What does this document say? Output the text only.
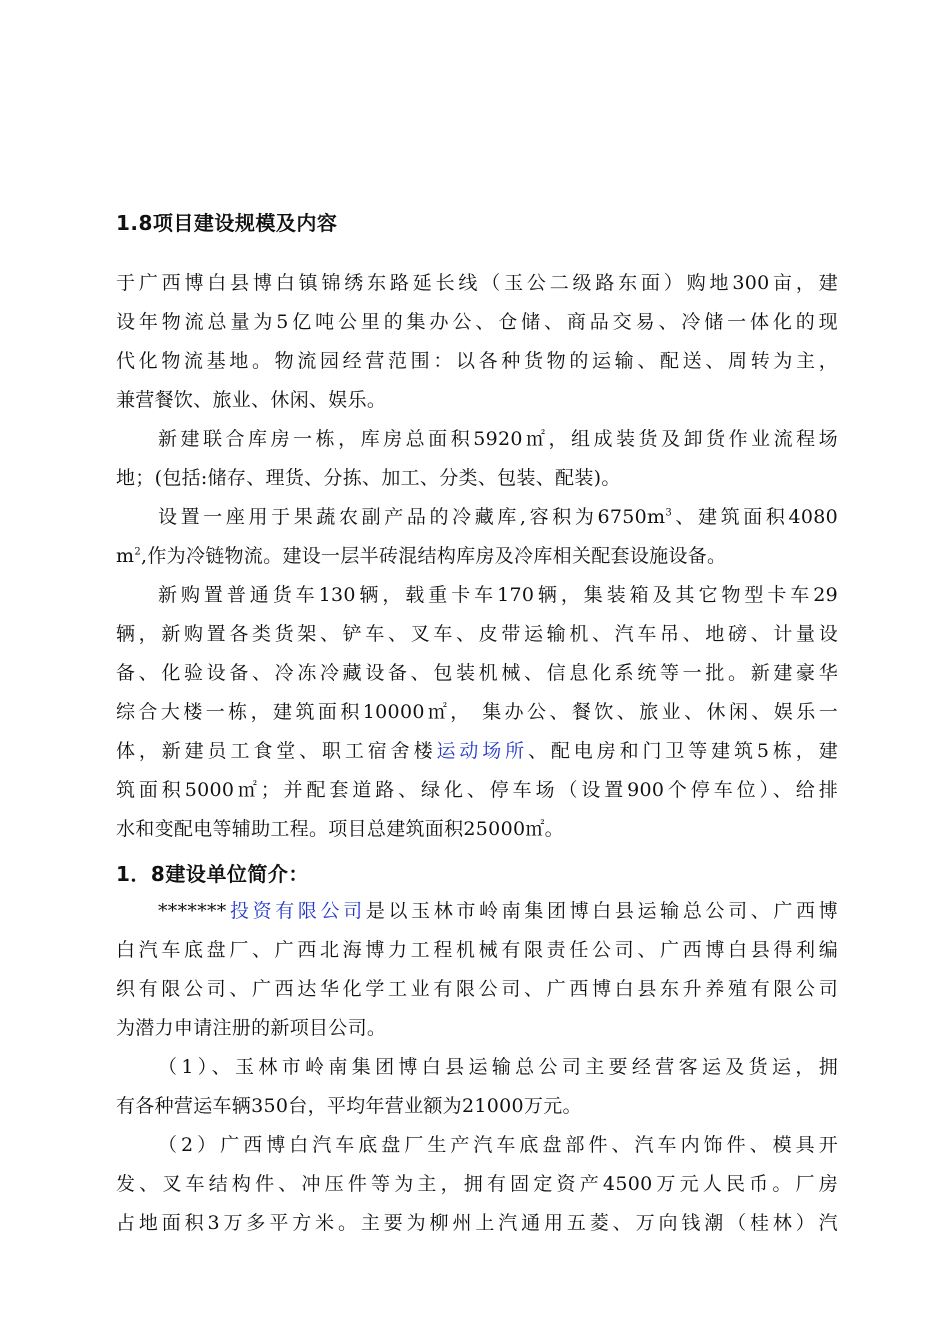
1.8项目建设规模及内容
于广西博白县博白镇锦绣东路延长线（玉公二级路东面）购地300亩，建
设年物流总量为5亿吨公里的集办公、仓储、商品交易、冷储一体化的现
代化物流基地。物流园经营范围：以各种货物的运输、配送、周转为主，
兼营餐饮、旅业、休闲、娱乐。
新建联合库房一栋，库房总面积5920㎡，组成装货及卸货作业流程场
地；(包括:储存、理货、分拣、加工、分类、包装、配装)。
设置一座用于果蔬农副产品的冷藏库,容积为$6750m^3$、建筑面积4080
$m^2$,作为冷链物流。建设一层半砖混结构库房及冷库相关配套设施设备。
新购置普通货车130辆，载重卡车170辆，集装箱及其它物型卡车29
辆，新购置各类货架、铲车、叉车、皮带运输机、汽车吊、地磅、计量设
备、化验设备、冷冻冷藏设备、包装机械、信息化系统等一批。新建豪华
综合大楼一栋，建筑面积10000㎡， 集办公、餐饮、旅业、休闲、娱乐一
体，新建员工食堂、职工宿舍楼运动场所、配电房和门卫等建筑5栋，建
筑面积5000㎡；并配套道路、绿化、停车场（设置900个停车位）、给排
水和变配电等辅助工程。项目总建筑面积25000㎡。
1．8建设单位简介：
*******投资有限公司是以玉林市岭南集团博白县运输总公司、广西博
白汽车底盘厂、广西北海博力工程机械有限责任公司、广西博白县得利编
织有限公司、广西达华化学工业有限公司、广西博白县东升养殖有限公司
为潜力申请注册的新项目公司。
（1）、玉林市岭南集团博白县运输总公司主要经营客运及货运，拥
有各种营运车辆350台，平均年营业额为21000万元。
（2）广西博白汽车底盘厂生产汽车底盘部件、汽车内饰件、模具开
发、叉车结构件、冲压件等为主，拥有固定资产4500万元人民币。厂房
占地面积3万多平方米。主要为柳州上汽通用五菱、万向钱潮（桂林）汽
